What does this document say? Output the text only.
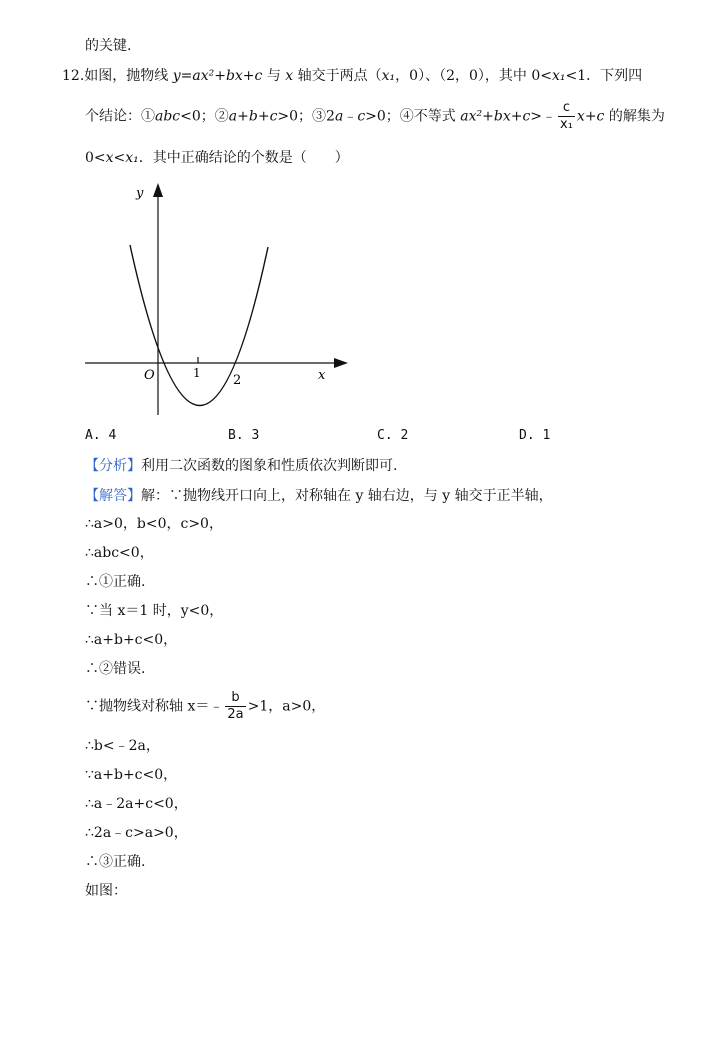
的关键.
12.如图，抛物线 y=ax²+bx+c 与 x 轴交于两点（x₁，0）、（2，0），其中 0<x₁<1．下列四
个结论：①abc<0；②a+b+c>0；③2a﹣c>0；④不等式 ax²+bx+c>﹣ $\frac{c}{\text{x₁}} x+c$ 的解集为
0<x<x₁．其中正确结论的个数是（　　）
y
x
O	1 2
A. 4	B. 3	C. 2	D. 1
【分析】利用二次函数的图象和性质依次判断即可.
【解答】解：∵抛物线开口向上，对称轴在 y 轴右边，与 y 轴交于正半轴，
∴a>0，b<0，c>0，
∴abc<0，
∴①正确.
∵当 x＝1 时，y<0，
∴a+b+c<0，
∴②错误.
∵抛物线对称轴 x＝﹣ $\frac{b}{2a} >1$，a>0，
∴b<﹣2a，
∵a+b+c<0，
∴a﹣2a+c<0，
∴2a﹣c>a>0，
∴③正确.
如图：
